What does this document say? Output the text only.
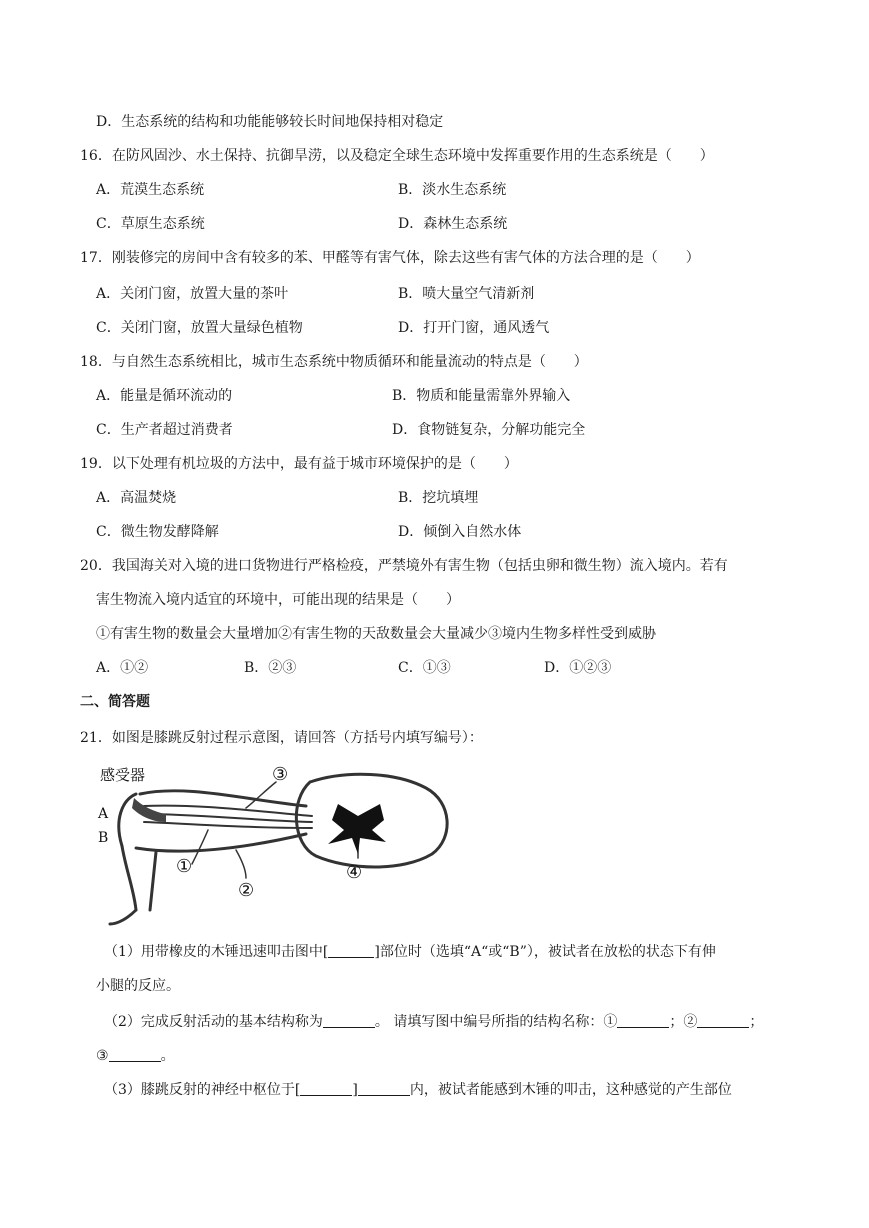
D．生态系统的结构和功能能够较长时间地保持相对稳定
16．在防风固沙、水土保持、抗御旱涝，以及稳定全球生态环境中发挥重要作用的生态系统是（　　）
A．荒漠生态系统	B．淡水生态系统
C．草原生态系统	D．森林生态系统
17．刚装修完的房间中含有较多的苯、甲醛等有害气体，除去这些有害气体的方法合理的是（　　）
A．关闭门窗，放置大量的茶叶	B．喷大量空气清新剂
C．关闭门窗，放置大量绿色植物	D．打开门窗，通风透气
18．与自然生态系统相比，城市生态系统中物质循环和能量流动的特点是（　　）
A．能量是循环流动的	B．物质和能量需靠外界输入
C．生产者超过消费者	D．食物链复杂，分解功能完全
19．以下处理有机垃圾的方法中，最有益于城市环境保护的是（　　）
A．高温焚烧	B．挖坑填埋
C．微生物发酵降解	D．倾倒入自然水体
20．我国海关对入境的进口货物进行严格检疫，严禁境外有害生物（包括虫卵和微生物）流入境内。若有
害生物流入境内适宜的环境中，可能出现的结果是（　　）
①有害生物的数量会大量增加②有害生物的天敌数量会大量减少③境内生物多样性受到威胁
A．①②	B．②③	C．①③	D．①②③
二、简答题
21．如图是膝跳反射过程示意图，请回答（方括号内填写编号）：
感受器
A
B
①
②
③
④
（1）用带橡皮的木锤迅速叩击图中[	]部位时（选填“A“或“B”），被试者在放松的状态下有伸
小腿的反应。
（2）完成反射活动的基本结构称为	。 请填写图中编号所指的结构名称：①	；②	；
③	。
（3）膝跳反射的神经中枢位于[	]	内，被试者能感到木锤的叩击，这种感觉的产生部位
